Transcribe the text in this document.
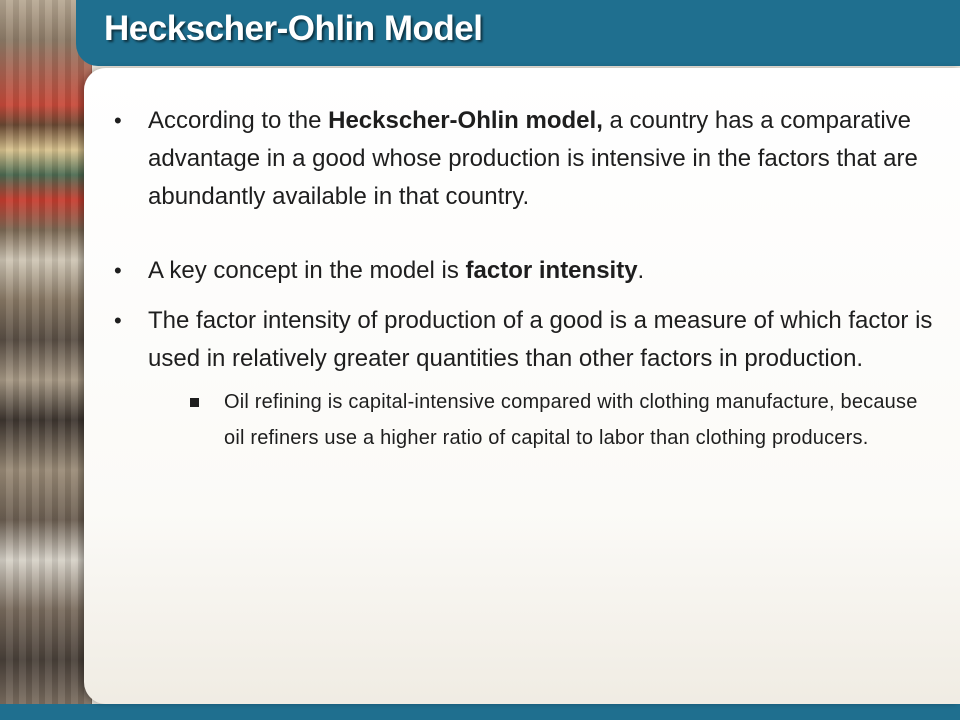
Heckscher-Ohlin Model
• According to the Heckscher-Ohlin model, a country has a comparative advantage in a good whose production is intensive in the factors that are abundantly available in that country.
• A key concept in the model is factor intensity.
• The factor intensity of production of a good is a measure of which factor is used in relatively greater quantities than other factors in production.
Oil refining is capital-intensive compared with clothing manufacture, because oil refiners use a higher ratio of capital to labor than clothing producers.
